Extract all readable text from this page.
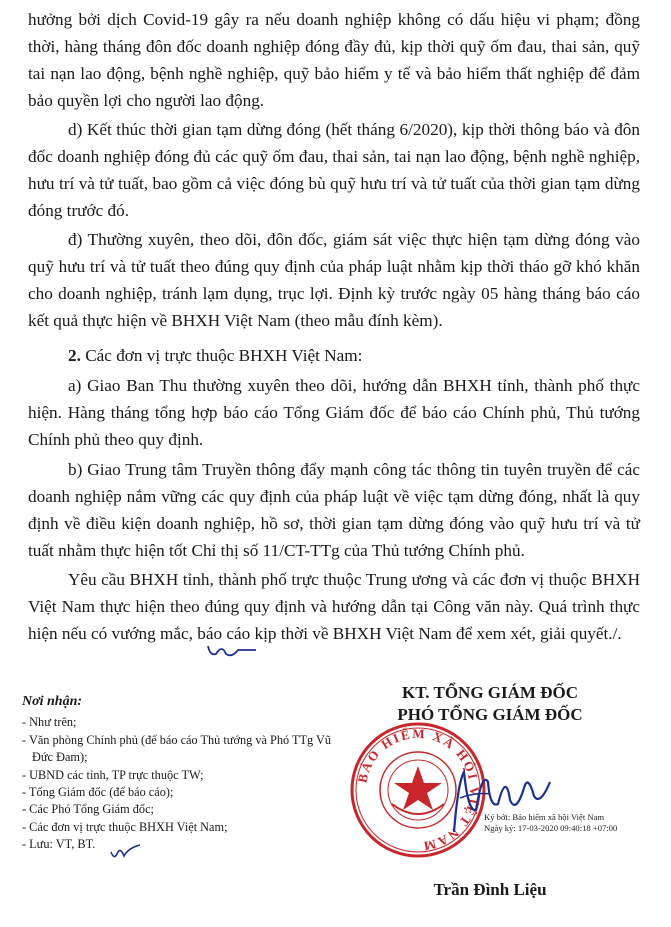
hưởng bởi dịch Covid-19 gây ra nếu doanh nghiệp không có dấu hiệu vi phạm; đồng thời, hàng tháng đôn đốc doanh nghiệp đóng đầy đủ, kịp thời quỹ ốm đau, thai sản, quỹ tai nạn lao động, bệnh nghề nghiệp, quỹ bảo hiểm y tế và bảo hiểm thất nghiệp để đảm bảo quyền lợi cho người lao động.

d) Kết thúc thời gian tạm dừng đóng (hết tháng 6/2020), kịp thời thông báo và đôn đốc doanh nghiệp đóng đủ các quỹ ốm đau, thai sản, tai nạn lao động, bệnh nghề nghiệp, hưu trí và tử tuất, bao gồm cả việc đóng bù quỹ hưu trí và tử tuất của thời gian tạm dừng đóng trước đó.

đ) Thường xuyên, theo dõi, đôn đốc, giám sát việc thực hiện tạm dừng đóng vào quỹ hưu trí và tử tuất theo đúng quy định của pháp luật nhằm kịp thời tháo gỡ khó khăn cho doanh nghiệp, tránh lạm dụng, trục lợi. Định kỳ trước ngày 05 hàng tháng báo cáo kết quả thực hiện về BHXH Việt Nam (theo mẫu đính kèm).

2. Các đơn vị trực thuộc BHXH Việt Nam:

a) Giao Ban Thu thường xuyên theo dõi, hướng dẫn BHXH tỉnh, thành phố thực hiện. Hàng tháng tổng hợp báo cáo Tổng Giám đốc để báo cáo Chính phủ, Thủ tướng Chính phủ theo quy định.

b) Giao Trung tâm Truyền thông đẩy mạnh công tác thông tin tuyên truyền để các doanh nghiệp nắm vững các quy định của pháp luật về việc tạm dừng đóng, nhất là quy định về điều kiện doanh nghiệp, hồ sơ, thời gian tạm dừng đóng vào quỹ hưu trí và tử tuất nhằm thực hiện tốt Chỉ thị số 11/CT-TTg của Thủ tướng Chính phủ.

Yêu cầu BHXH tỉnh, thành phố trực thuộc Trung ương và các đơn vị thuộc BHXH Việt Nam thực hiện theo đúng quy định và hướng dẫn tại Công văn này. Quá trình thực hiện nếu có vướng mắc, báo cáo kịp thời về BHXH Việt Nam để xem xét, giải quyết./.

Nơi nhận:
- Như trên;
- Văn phòng Chính phủ (để báo cáo Thủ tướng và Phó TTg Vũ Đức Đam);
- UBND các tỉnh, TP trực thuộc TW;
- Tổng Giám đốc (để báo cáo);
- Các Phó Tổng Giám đốc;
- Các đơn vị trực thuộc BHXH Việt Nam;
- Lưu: VT, BT.
KT. TỔNG GIÁM ĐỐC
PHÓ TỔNG GIÁM ĐỐC
BẢO HIỂM XÃ HỘI VIỆT NAM
Ký bởi: Bảo hiểm xã hội Việt Nam
Ngày ký: 17-03-2020 09:40:18 +07:00
Trần Đình Liệu
